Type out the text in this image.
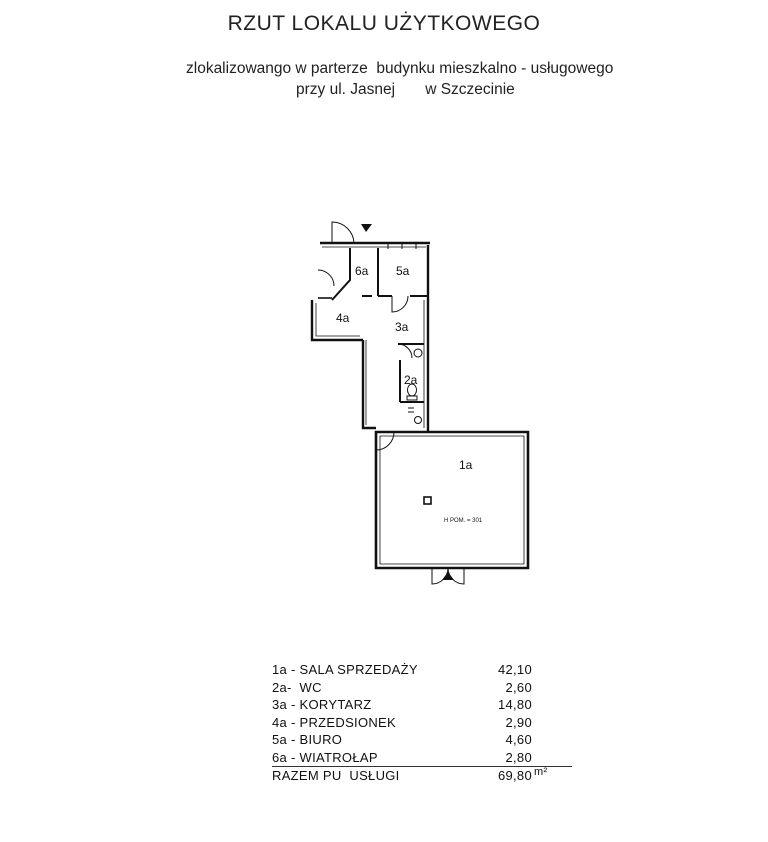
RZUT LOKALU UŻYTKOWEGO
zlokalizowango w parterze  budynku mieszkalno - usługowego
przy ul. Jasnej       w Szczecinie
6a 5a
4a
3a
2a
1a
H POM. = 301
1a - SALA SPRZEDAŻY	42,10
2a-  WC	2,60
3a - KORYTARZ	14,80
4a - PRZEDSIONEK	2,90
5a - BIURO	4,60
6a - WIATROŁAP	2,80
RAZEM PU  USŁUGI	69,80 m²
